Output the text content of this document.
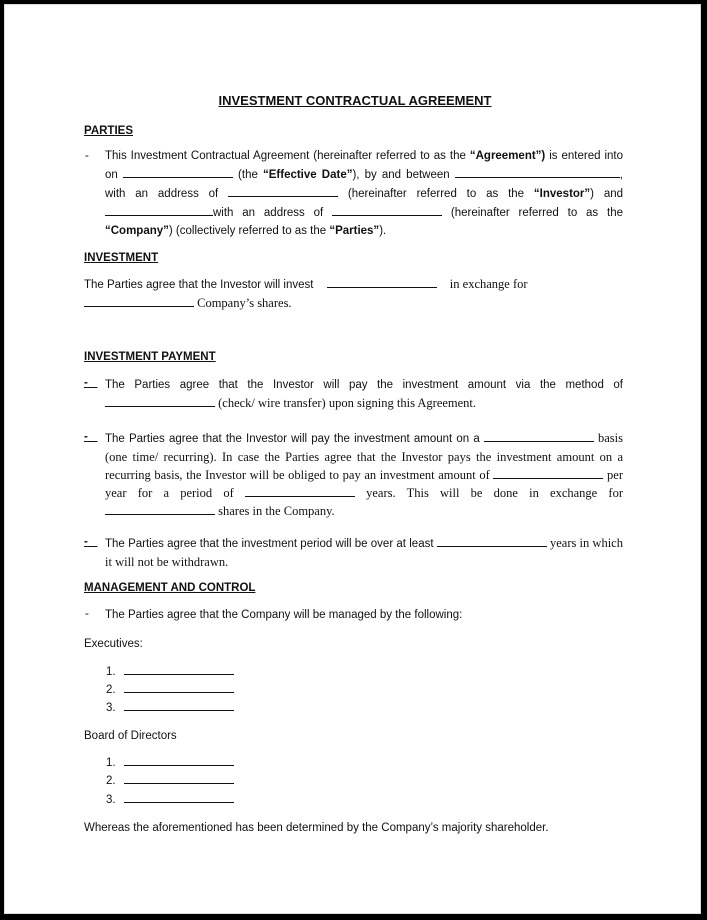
INVESTMENT CONTRACTUAL AGREEMENT
PARTIES
- This Investment Contractual Agreement (hereinafter referred to as the “Agreement”) is entered into on	(the “Effective Date”), by and between	, with an address of	(hereinafter referred to as the “Investor”) and with an address of	(hereinafter referred to as the “Company”) (collectively referred to as the “Parties”).
INVESTMENT
The Parties agree that the Investor will invest	in exchange for
Company’s shares.
INVESTMENT PAYMENT
-	The Parties agree that the Investor will pay the investment amount via the method of  (check/ wire transfer) upon signing this Agreement.
-	The Parties agree that the Investor will pay the investment amount on a	basis (one time/ recurring). In case the Parties agree that the Investor pays the investment amount on a recurring basis, the Investor will be obliged to pay an investment amount of	per year for a period of	years. This will be done in exchange for  shares in the Company.
-	The Parties agree that the investment period will be over at least	years in which it will not be withdrawn.
MANAGEMENT AND CONTROL
- The Parties agree that the Company will be managed by the following:
Executives:
1.
2.
3.
Board of Directors
1.
2.
3.
Whereas the aforementioned has been determined by the Company’s majority shareholder.
